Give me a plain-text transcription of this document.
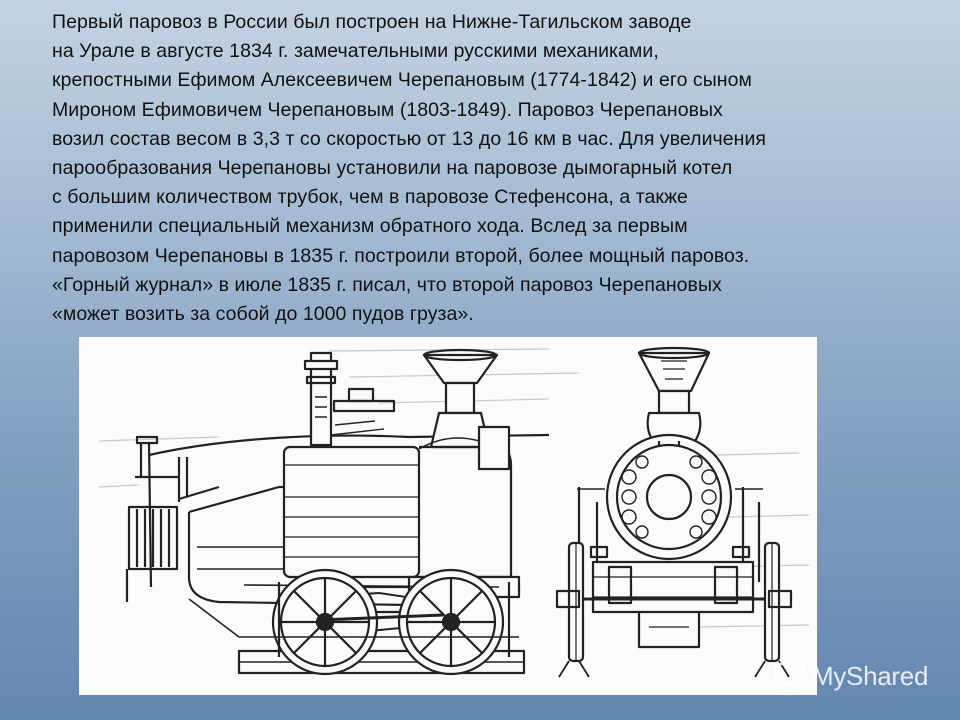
Первый паровоз в России был построен на Нижне-Тагильском заводе
на Урале в августе 1834 г. замечательными русскими механиками,
крепостными Ефимом Алексеевичем Черепановым (1774-1842) и его сыном
Мироном Ефимовичем Черепановым (1803-1849). Паровоз Черепановых
возил состав весом в 3,3 т со скоростью от 13 до 16 км в час. Для увеличения
парообразования Черепановы установили на паровозе дымогарный котел
с большим количеством трубок, чем в паровозе Стефенсона, а также
применили специальный механизм обратного хода. Вслед за первым
паровозом Черепановы в 1835 г. построили второй, более мощный паровоз.
«Горный журнал» в июле 1835 г. писал, что второй паровоз Черепановых
«может возить за собой до 1000 пудов груза».

MyShared
